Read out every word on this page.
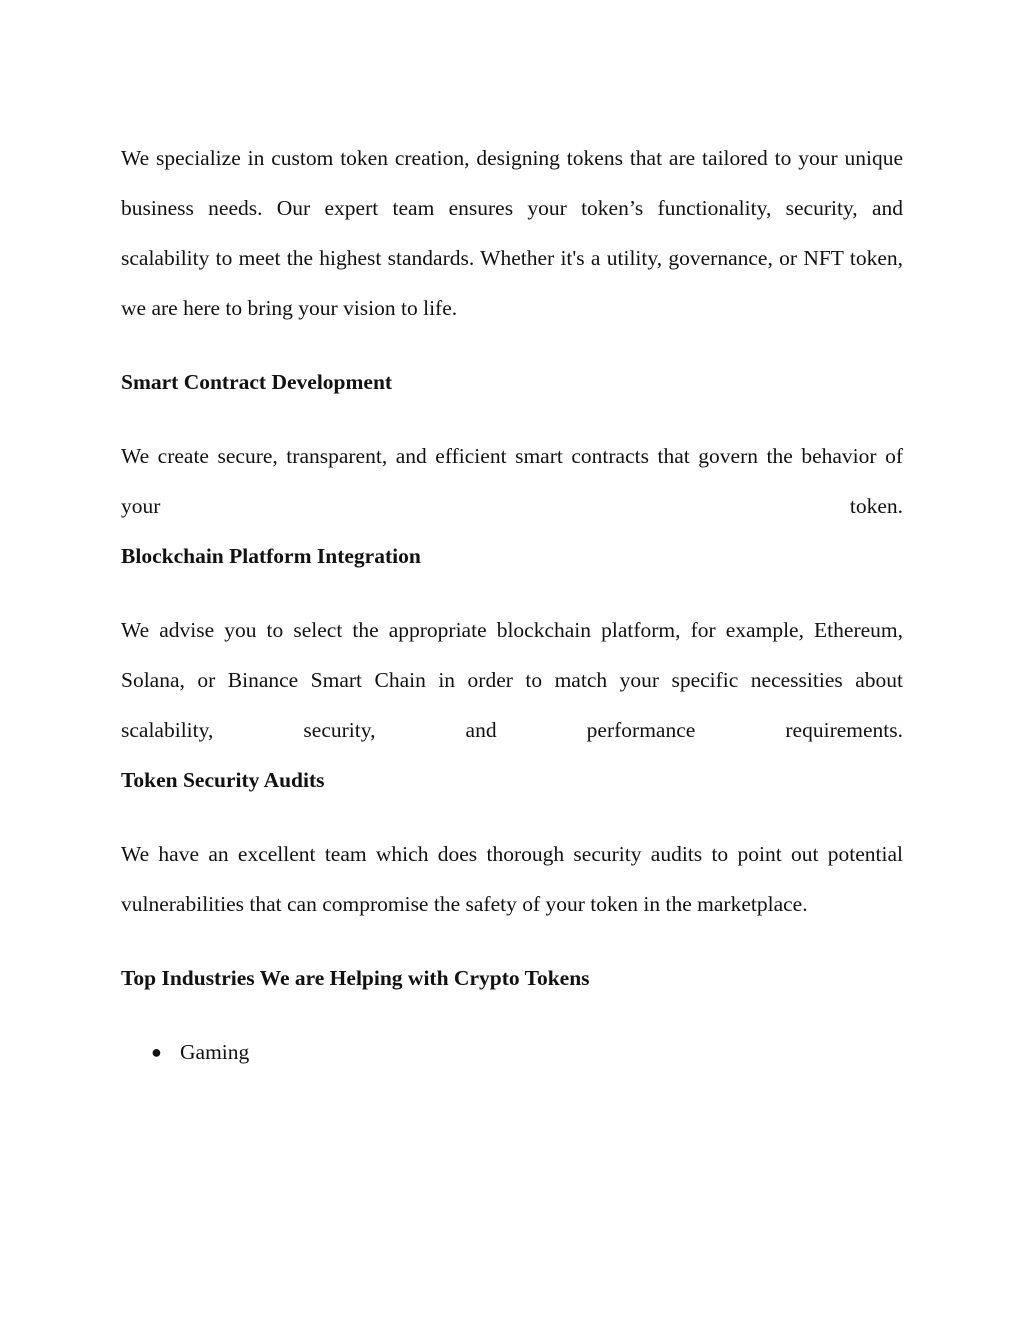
We specialize in custom token creation, designing tokens that are tailored to your unique business needs. Our expert team ensures your token’s functionality, security, and scalability to meet the highest standards. Whether it's a utility, governance, or NFT token, we are here to bring your vision to life.

Smart Contract Development

We create secure, transparent, and efficient smart contracts that govern the behavior of your token.

Blockchain Platform Integration

We advise you to select the appropriate blockchain platform, for example, Ethereum, Solana, or Binance Smart Chain in order to match your specific necessities about scalability, security, and performance requirements.

Token Security Audits

We have an excellent team which does thorough security audits to point out potential vulnerabilities that can compromise the safety of your token in the marketplace.

Top Industries We are Helping with Crypto Tokens
● Gaming
